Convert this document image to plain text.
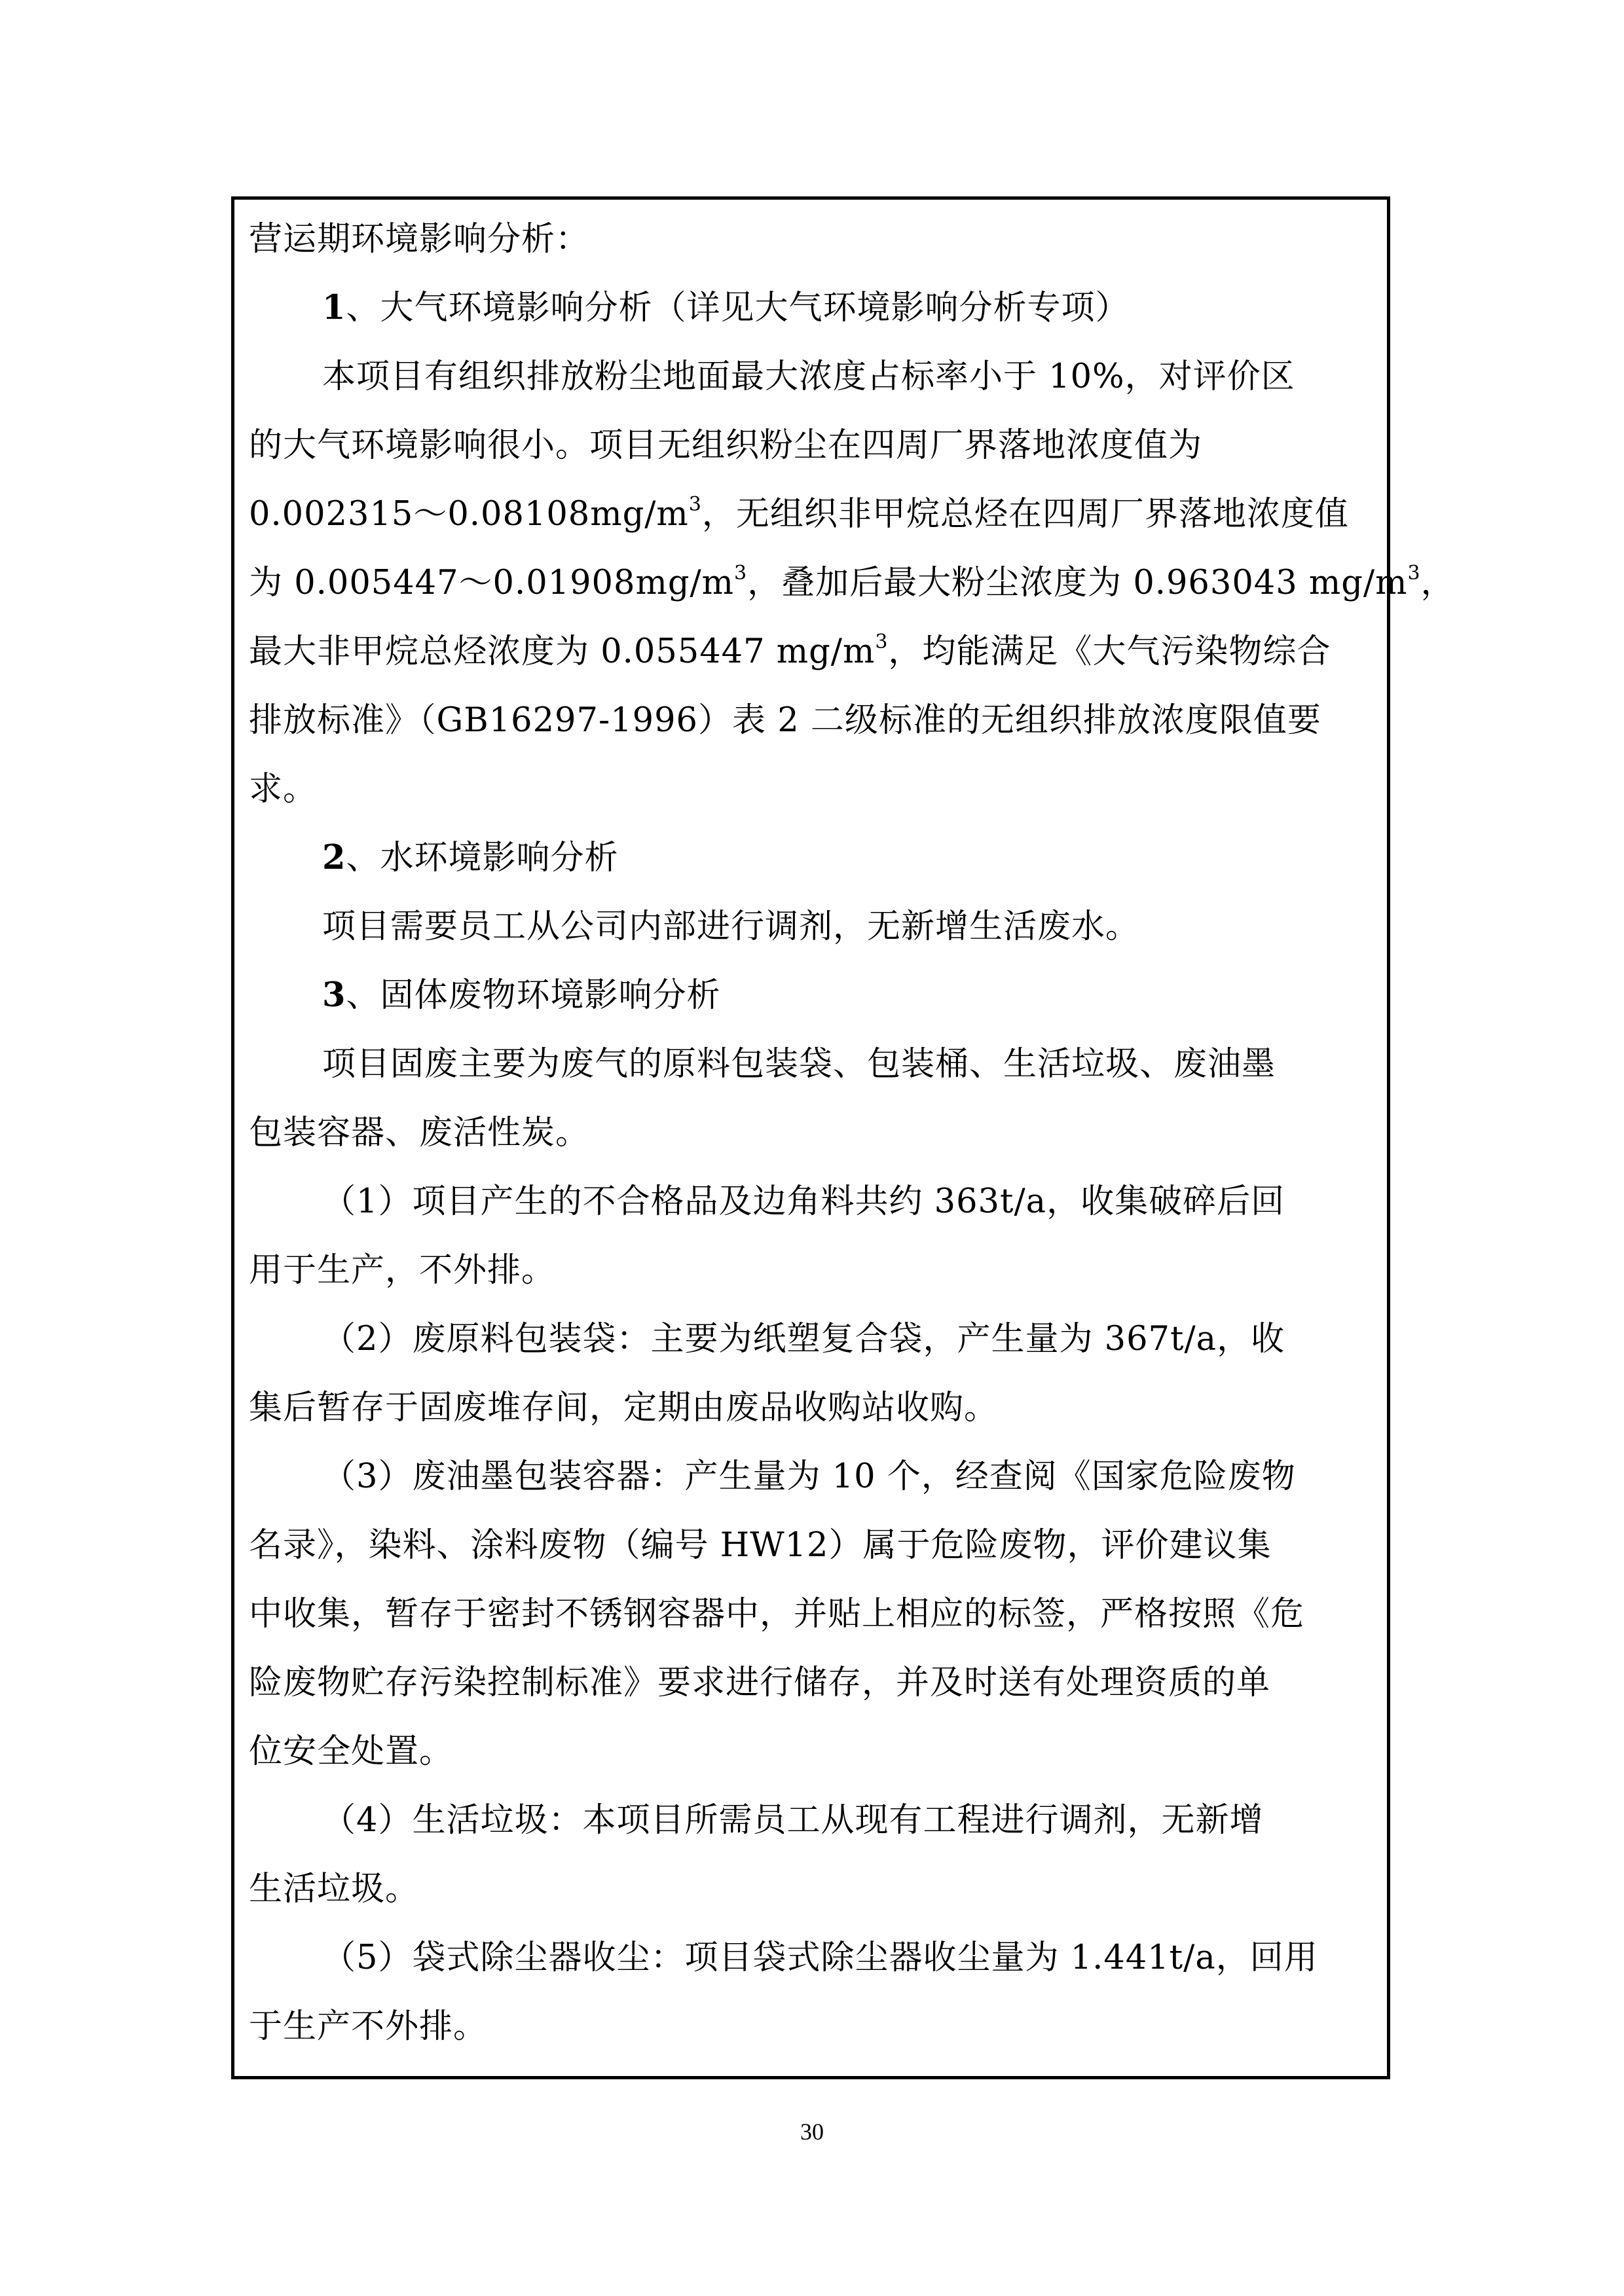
营运期环境影响分析：
1、大气环境影响分析（详见大气环境影响分析专项）
本项目有组织排放粉尘地面最大浓度占标率小于 10%，对评价区
的大气环境影响很小。项目无组织粉尘在四周厂界落地浓度值为
$0.002315\sim 0.08108mg/m^3$，无组织非甲烷总烃在四周厂界落地浓度值
为 $0.005447\sim 0.01908mg/m^3$，叠加后最大粉尘浓度为 0.963043 $mg/m^3$，
最大非甲烷总烃浓度为 0.055447 $mg/m^3$，均能满足《大气污染物综合
排放标准》（GB16297-1996）表 2 二级标准的无组织排放浓度限值要
求。
2、水环境影响分析
项目需要员工从公司内部进行调剂，无新增生活废水。
3、固体废物环境影响分析
项目固废主要为废气的原料包装袋、包装桶、生活垃圾、废油墨
包装容器、废活性炭。
（1）项目产生的不合格品及边角料共约 363t/a，收集破碎后回
用于生产，不外排。
（2）废原料包装袋：主要为纸塑复合袋，产生量为 367t/a，收
集后暂存于固废堆存间，定期由废品收购站收购。
（3）废油墨包装容器：产生量为 10 个，经查阅《国家危险废物
名录》，染料、涂料废物（编号 HW12）属于危险废物，评价建议集
中收集，暂存于密封不锈钢容器中，并贴上相应的标签，严格按照《危
险废物贮存污染控制标准》要求进行储存，并及时送有处理资质的单
位安全处置。
（4）生活垃圾：本项目所需员工从现有工程进行调剂，无新增
生活垃圾。
（5）袋式除尘器收尘：项目袋式除尘器收尘量为 1.441t/a，回用
于生产不外排。
30
